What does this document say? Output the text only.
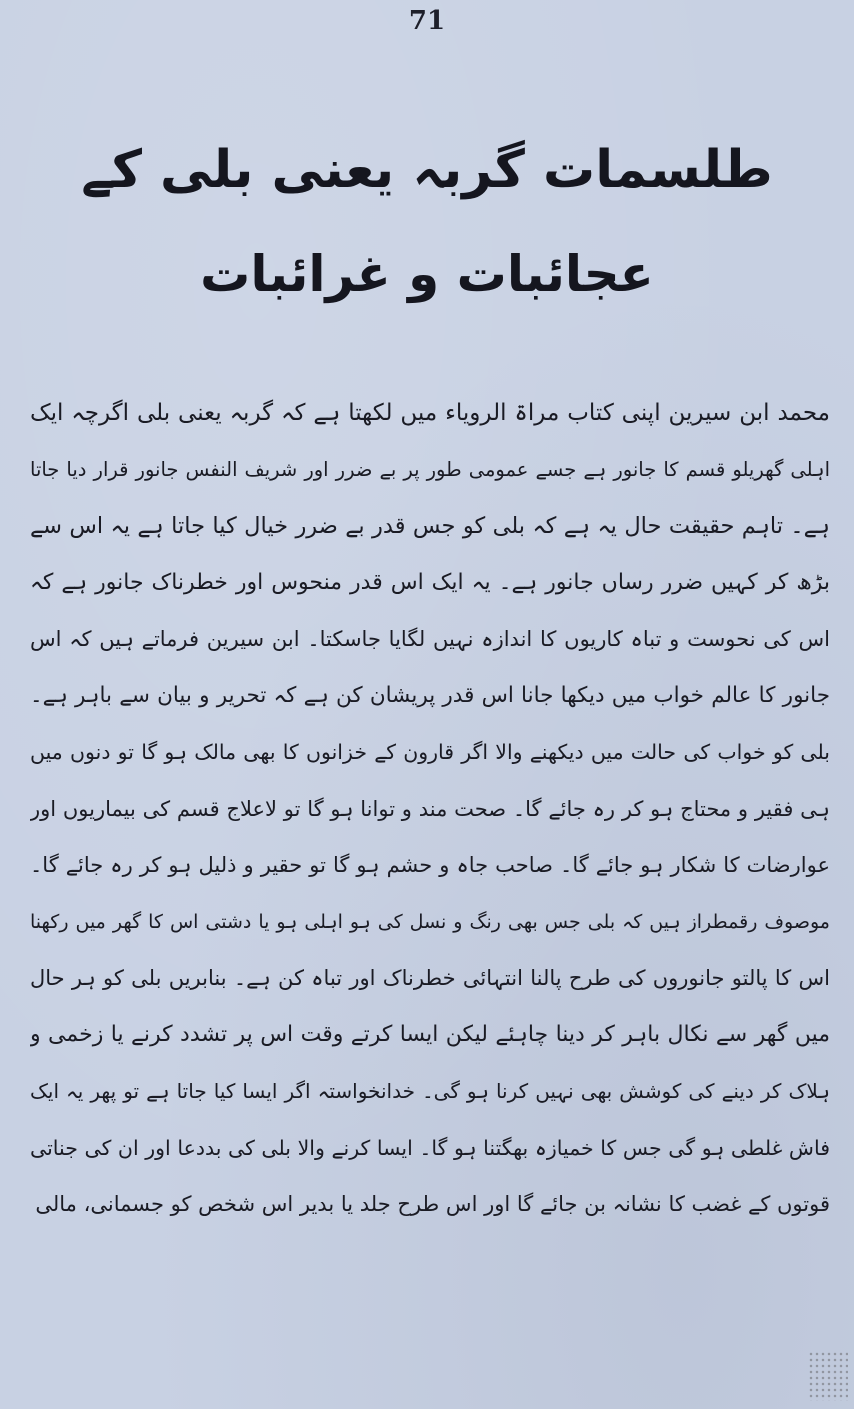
71
طلسمات گربہ یعنی بلی کے
عجائبات و غرائبات
محمد ابن سیرین اپنی کتاب مراۃ الرویاء میں لکھتا ہے کہ گربہ یعنی بلی اگرچہ ایک
اہلی گھریلو قسم کا جانور ہے جسے عمومی طور پر بے ضرر اور شریف النفس جانور قرار دیا جاتا
ہے۔ تاہم حقیقت حال یہ ہے کہ بلی کو جس قدر بے ضرر خیال کیا جاتا ہے یہ اس سے
بڑھ کر کہیں ضرر رساں جانور ہے۔ یہ ایک اس قدر منحوس اور خطرناک جانور ہے کہ
اس کی نحوست و تباہ کاریوں کا اندازہ نہیں لگایا جاسکتا۔ ابن سیرین فرماتے ہیں کہ اس
جانور کا عالم خواب میں دیکھا جانا اس قدر پریشان کن ہے کہ تحریر و بیان سے باہر ہے۔
بلی کو خواب کی حالت میں دیکھنے والا اگر قارون کے خزانوں کا بھی مالک ہو گا تو دنوں میں
ہی فقیر و محتاج ہو کر رہ جائے گا۔ صحت مند و توانا ہو گا تو لاعلاج قسم کی بیماریوں اور
عوارضات کا شکار ہو جائے گا۔ صاحب جاہ و حشم ہو گا تو حقیر و ذلیل ہو کر رہ جائے گا۔
موصوف رقمطراز ہیں کہ بلی جس بھی رنگ و نسل کی ہو اہلی ہو یا دشتی اس کا گھر میں رکھنا
اس کا پالتو جانوروں کی طرح پالنا انتہائی خطرناک اور تباہ کن ہے۔ بنابریں بلی کو ہر حال
میں گھر سے نکال باہر کر دینا چاہئے لیکن ایسا کرتے وقت اس پر تشدد کرنے یا زخمی و
ہلاک کر دینے کی کوشش بھی نہیں کرنا ہو گی۔ خدانخواستہ اگر ایسا کیا جاتا ہے تو پھر یہ ایک
فاش غلطی ہو گی جس کا خمیازہ بھگتنا ہو گا۔ ایسا کرنے والا بلی کی بددعا اور ان کی جناتی
قوتوں کے غضب کا نشانہ بن جائے گا اور اس طرح جلد یا بدیر اس شخص کو جسمانی، مالی
